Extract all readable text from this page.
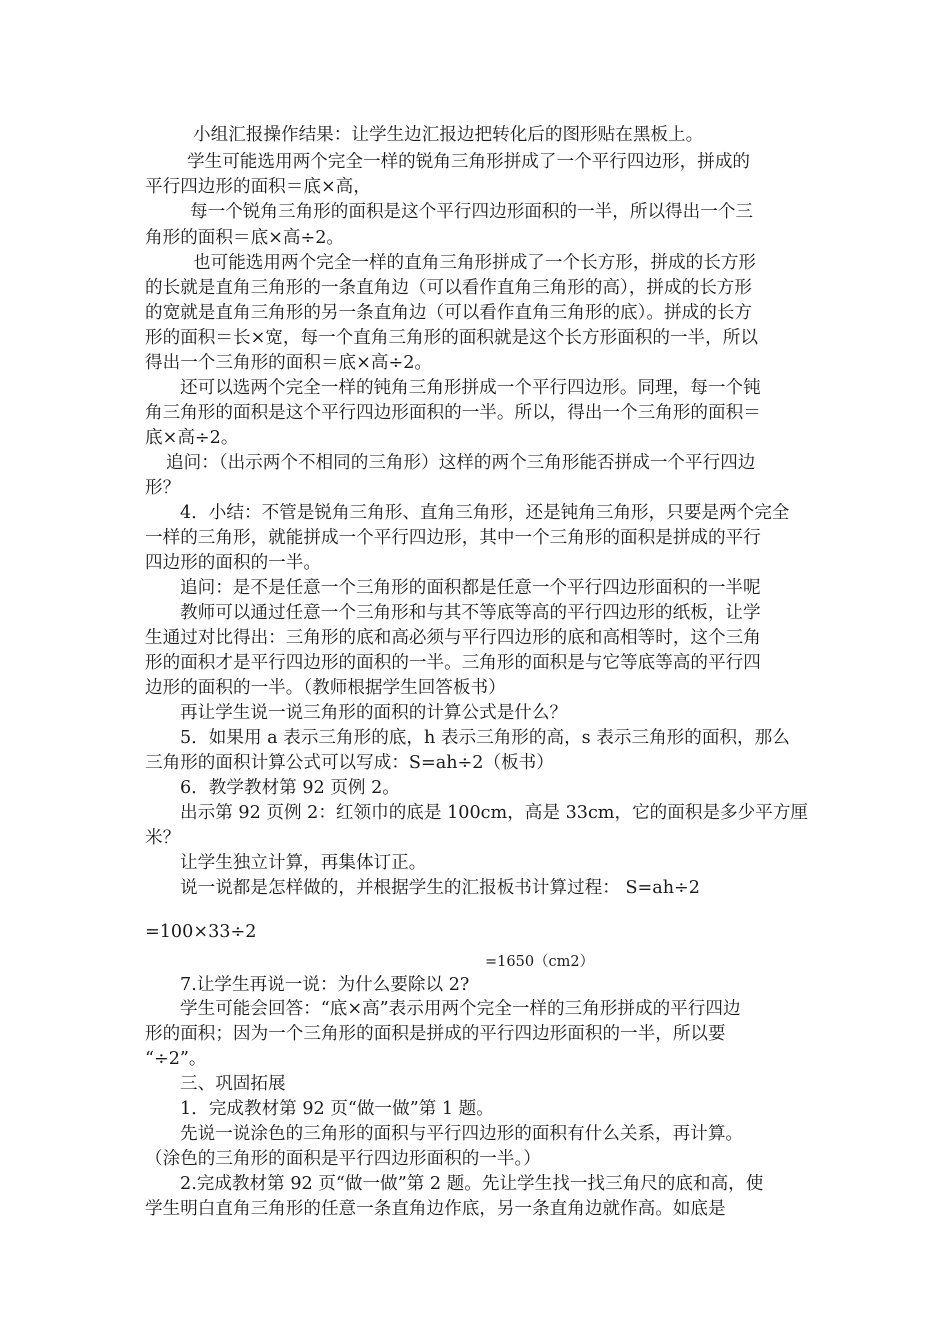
小组汇报操作结果：让学生边汇报边把转化后的图形贴在黑板上。
学生可能选用两个完全一样的锐角三角形拼成了一个平行四边形，拼成的
平行四边形的面积＝底×高，
每一个锐角三角形的面积是这个平行四边形面积的一半，所以得出一个三
角形的面积＝底×高÷2。
也可能选用两个完全一样的直角三角形拼成了一个长方形，拼成的长方形
的长就是直角三角形的一条直角边（可以看作直角三角形的高），拼成的长方形
的宽就是直角三角形的另一条直角边（可以看作直角三角形的底）。拼成的长方
形的面积＝长×宽，每一个直角三角形的面积就是这个长方形面积的一半，所以
得出一个三角形的面积＝底×高÷2。
还可以选两个完全一样的钝角三角形拼成一个平行四边形。同理，每一个钝
角三角形的面积是这个平行四边形面积的一半。所以，得出一个三角形的面积＝
底×高÷2。
追问：（出示两个不相同的三角形）这样的两个三角形能否拼成一个平行四边
形？
4．小结：不管是锐角三角形、直角三角形，还是钝角三角形，只要是两个完全
一样的三角形，就能拼成一个平行四边形，其中一个三角形的面积是拼成的平行
四边形的面积的一半。
追问：是不是任意一个三角形的面积都是任意一个平行四边形面积的一半呢
教师可以通过任意一个三角形和与其不等底等高的平行四边形的纸板，让学
生通过对比得出：三角形的底和高必须与平行四边形的底和高相等时，这个三角
形的面积才是平行四边形的面积的一半。三角形的面积是与它等底等高的平行四
边形的面积的一半。（教师根据学生回答板书）
再让学生说一说三角形的面积的计算公式是什么？
5．如果用 a 表示三角形的底，h 表示三角形的高，s 表示三角形的面积，那么
三角形的面积计算公式可以写成：S=ah÷2（板书）
6．教学教材第 92 页例 2。
出示第 92 页例 2：红领巾的底是 100cm，高是 33cm，它的面积是多少平方厘
米？
让学生独立计算，再集体订正。
说一说都是怎样做的，并根据学生的汇报板书计算过程： S=ah÷2
=100×33÷2
=1650（cm2）
7.让学生再说一说：为什么要除以 2?
学生可能会回答：“底×高”表示用两个完全一样的三角形拼成的平行四边
形的面积；因为一个三角形的面积是拼成的平行四边形面积的一半，所以要
“÷2”。
三、巩固拓展
1．完成教材第 92 页“做一做”第 1 题。
先说一说涂色的三角形的面积与平行四边形的面积有什么关系，再计算。
（涂色的三角形的面积是平行四边形面积的一半。）
2.完成教材第 92 页“做一做”第 2 题。先让学生找一找三角尺的底和高，使
学生明白直角三角形的任意一条直角边作底，另一条直角边就作高。如底是
